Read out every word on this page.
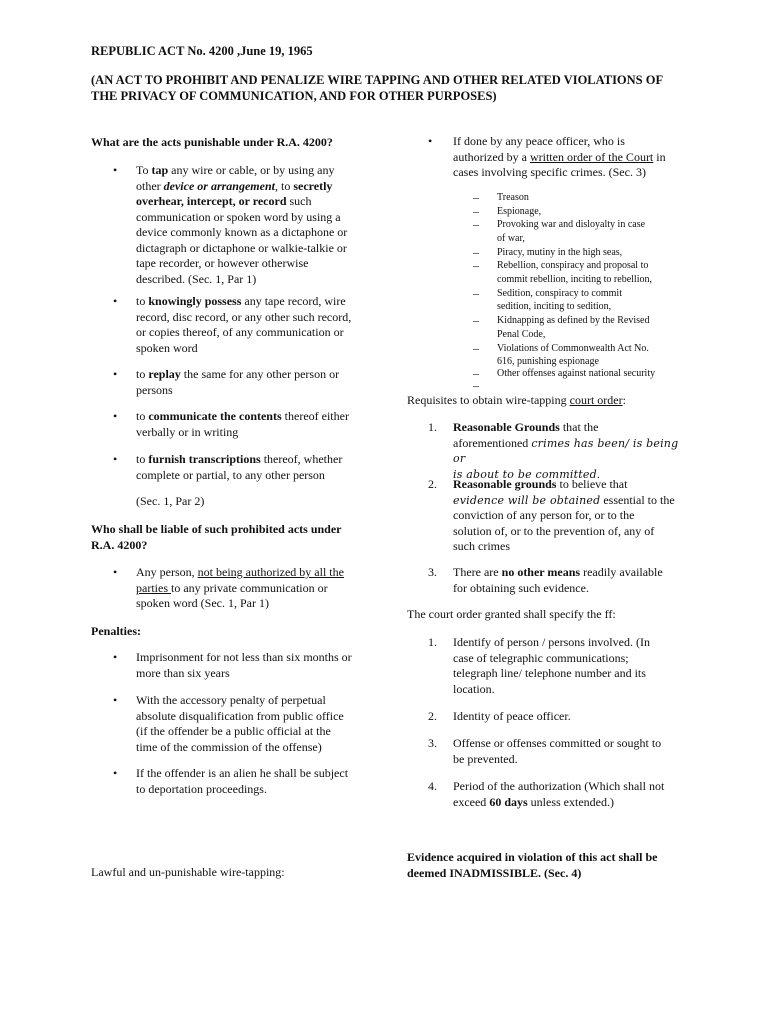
REPUBLIC ACT No. 4200 ,June 19, 1965
(AN ACT TO PROHIBIT AND PENALIZE WIRE TAPPING AND OTHER RELATED VIOLATIONS OF
THE PRIVACY OF COMMUNICATION, AND FOR OTHER PURPOSES)
What are the acts punishable under R.A. 4200?
• To tap any wire or cable, or by using any
other device or arrangement, to secretly
overhear, intercept, or record such
communication or spoken word by using a
device commonly known as a dictaphone or
dictagraph or dictaphone or walkie-talkie or
tape recorder, or however otherwise
described. (Sec. 1, Par 1)
• to knowingly possess any tape record, wire
record, disc record, or any other such record,
or copies thereof, of any communication or
spoken word
• to replay the same for any other person or
persons
• to communicate the contents thereof either
verbally or in writing
• to furnish transcriptions thereof, whether
complete or partial, to any other person
(Sec. 1, Par 2)
Who shall be liable of such prohibited acts under
R.A. 4200?
• Any person, not being authorized by all the
parties to any private communication or
spoken word (Sec. 1, Par 1)
Penalties:
• Imprisonment for not less than six months or
more than six years
• With the accessory penalty of perpetual
absolute disqualification from public office
(if the offender be a public official at the
time of the commission of the offense)
• If the offender is an alien he shall be subject
to deportation proceedings.
Lawful and un-punishable wire-tapping:
• If done by any peace officer, who is
authorized by a written order of the Court in
cases involving specific crimes. (Sec. 3)
– Treason
– Espionage,
– Provoking war and disloyalty in case
of war,
– Piracy, mutiny in the high seas,
– Rebellion, conspiracy and proposal to
commit rebellion, inciting to rebellion,
– Sedition, conspiracy to commit
sedition, inciting to sedition,
– Kidnapping as defined by the Revised
Penal Code,
– Violations of Commonwealth Act No.
616, punishing espionage
– Other offenses against national security
–
Requisites to obtain wire-tapping court order:
1. Reasonable Grounds that the
aforementioned crimes has been/ is being or
is about to be committed.
2. Reasonable grounds to believe that
evidence will be obtained essential to the
conviction of any person for, or to the
solution of, or to the prevention of, any of
such crimes
3. There are no other means readily available
for obtaining such evidence.
The court order granted shall specify the ff:
1. Identify of person / persons involved. (In
case of telegraphic communications;
telegraph line/ telephone number and its
location.
2. Identity of peace officer.
3. Offense or offenses committed or sought to
be prevented.
4. Period of the authorization (Which shall not
exceed 60 days unless extended.)
Evidence acquired in violation of this act shall be
deemed INADMISSIBLE. (Sec. 4)
